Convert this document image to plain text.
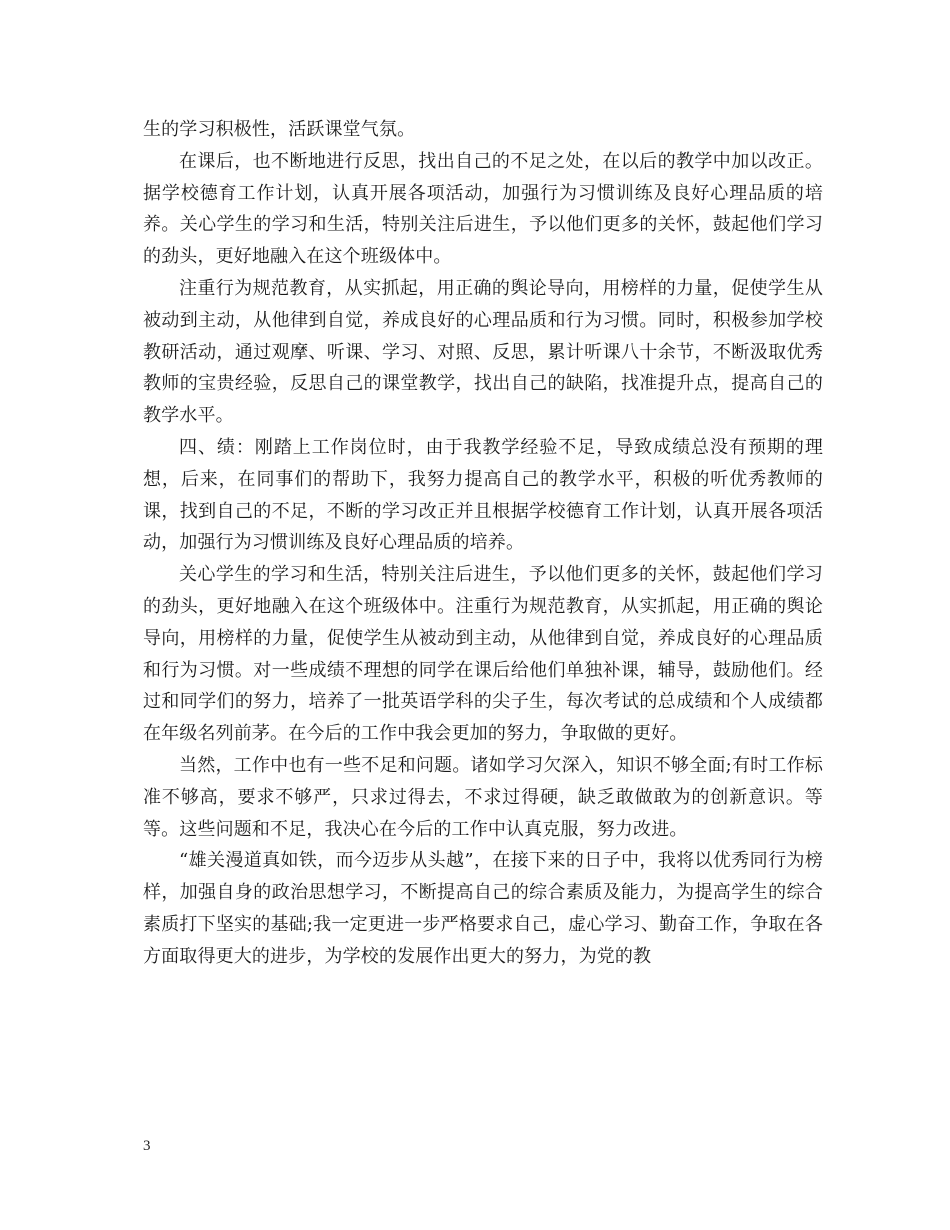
生的学习积极性，活跃课堂气氛。

在课后，也不断地进行反思，找出自己的不足之处，在以后的教学中加以改正。据学校德育工作计划，认真开展各项活动，加强行为习惯训练及良好心理品质的培养。关心学生的学习和生活，特别关注后进生，予以他们更多的关怀，鼓起他们学习的劲头，更好地融入在这个班级体中。

注重行为规范教育，从实抓起，用正确的舆论导向，用榜样的力量，促使学生从被动到主动，从他律到自觉，养成良好的心理品质和行为习惯。同时，积极参加学校教研活动，通过观摩、听课、学习、对照、反思，累计听课八十余节，不断汲取优秀教师的宝贵经验，反思自己的课堂教学，找出自己的缺陷，找准提升点，提高自己的教学水平。

四、绩：刚踏上工作岗位时，由于我教学经验不足，导致成绩总没有预期的理想，后来，在同事们的帮助下，我努力提高自己的教学水平，积极的听优秀教师的课，找到自己的不足，不断的学习改正并且根据学校德育工作计划，认真开展各项活动，加强行为习惯训练及良好心理品质的培养。

关心学生的学习和生活，特别关注后进生，予以他们更多的关怀，鼓起他们学习的劲头，更好地融入在这个班级体中。注重行为规范教育，从实抓起，用正确的舆论导向，用榜样的力量，促使学生从被动到主动，从他律到自觉，养成良好的心理品质和行为习惯。对一些成绩不理想的同学在课后给他们单独补课，辅导，鼓励他们。经过和同学们的努力，培养了一批英语学科的尖子生，每次考试的总成绩和个人成绩都在年级名列前茅。在今后的工作中我会更加的努力，争取做的更好。

当然，工作中也有一些不足和问题。诸如学习欠深入，知识不够全面;有时工作标准不够高，要求不够严，只求过得去，不求过得硬，缺乏敢做敢为的创新意识。等等。这些问题和不足，我决心在今后的工作中认真克服，努力改进。

“雄关漫道真如铁，而今迈步从头越”，在接下来的日子中，我将以优秀同行为榜样，加强自身的政治思想学习，不断提高自己的综合素质及能力，为提高学生的综合素质打下坚实的基础;我一定更进一步严格要求自己，虚心学习、勤奋工作，争取在各方面取得更大的进步，为学校的发展作出更大的努力，为党的教

3
